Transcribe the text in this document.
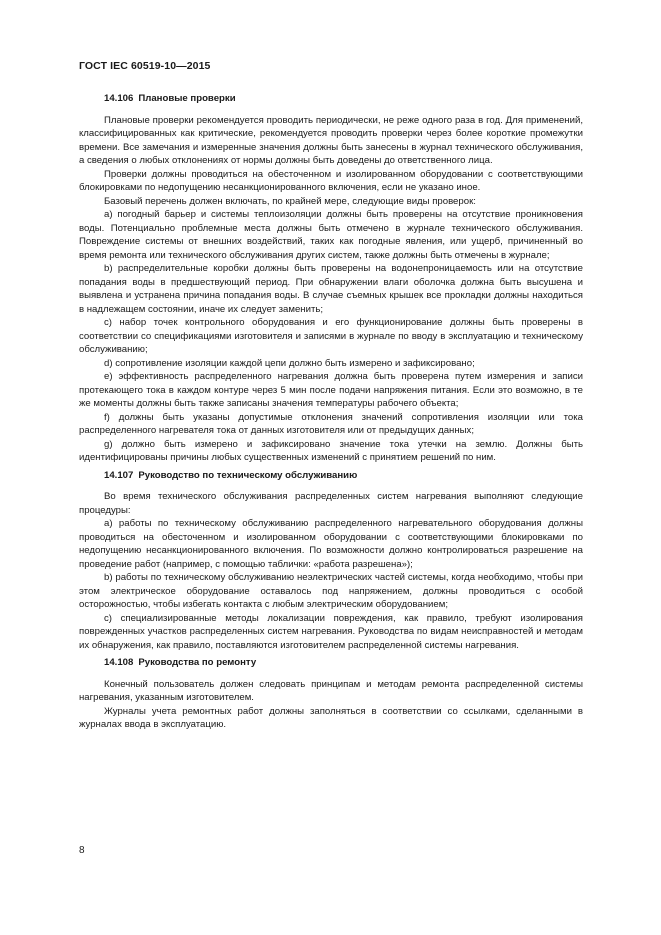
ГОСТ IEC 60519-10—2015
14.106 Плановые проверки

Плановые проверки рекомендуется проводить периодически, не реже одного раза в год. Для применений, классифицированных как критические, рекомендуется проводить проверки через более короткие промежутки времени. Все замечания и измеренные значения должны быть занесены в журнал технического обслуживания, а сведения о любых отклонениях от нормы должны быть доведены до ответственного лица.

Проверки должны проводиться на обесточенном и изолированном оборудовании с соответствующими блокировками по недопущению несанкционированного включения, если не указано иное.

Базовый перечень должен включать, по крайней мере, следующие виды проверок:

а) погодный барьер и системы теплоизоляции должны быть проверены на отсутствие проникновения воды. Потенциально проблемные места должны быть отмечено в журнале технического обслуживания. Повреждение системы от внешних воздействий, таких как погодные явления, или ущерб, причиненный во время ремонта или технического обслуживания других систем, также должны быть отмечены в журнале;

b) распределительные коробки должны быть проверены на водонепроницаемость или на отсутствие попадания воды в предшествующий период. При обнаружении влаги оболочка должна быть высушена и выявлена и устранена причина попадания воды. В случае съемных крышек все прокладки должны находиться в надлежащем состоянии, иначе их следует заменить;

с) набор точек контрольного оборудования и его функционирование должны быть проверены в соответствии со спецификациями изготовителя и записями в журнале по вводу в эксплуатацию и техническому обслуживанию;

d) сопротивление изоляции каждой цепи должно быть измерено и зафиксировано;

е) эффективность распределенного нагревания должна быть проверена путем измерения и записи протекающего тока в каждом контуре через 5 мин после подачи напряжения питания. Если это возможно, в те же моменты должны быть также записаны значения температуры рабочего объекта;

f) должны быть указаны допустимые отклонения значений сопротивления изоляции или тока распределенного нагревателя тока от данных изготовителя или от предыдущих данных;

g) должно быть измерено и зафиксировано значение тока утечки на землю. Должны быть идентифицированы причины любых существенных изменений с принятием решений по ним.

14.107 Руководство по техническому обслуживанию

Во время технического обслуживания распределенных систем нагревания выполняют следующие процедуры:

а) работы по техническому обслуживанию распределенного нагревательного оборудования должны проводиться на обесточенном и изолированном оборудовании с соответствующими блокировками по недопущению несанкционированного включения. По возможности должно контролироваться разрешение на проведение работ (например, с помощью таблички: «работа разрешена»);

b) работы по техническому обслуживанию неэлектрических частей системы, когда необходимо, чтобы при этом электрическое оборудование оставалось под напряжением, должны проводиться с особой осторожностью, чтобы избегать контакта с любым электрическим оборудованием;

с) специализированные методы локализации повреждения, как правило, требуют изолирования поврежденных участков распределенных систем нагревания. Руководства по видам неисправностей и методам их обнаружения, как правило, поставляются изготовителем распределенной системы нагревания.

14.108 Руководства по ремонту

Конечный пользователь должен следовать принципам и методам ремонта распределенной системы нагревания, указанным изготовителем.

Журналы учета ремонтных работ должны заполняться в соответствии со ссылками, сделанными в журналах ввода в эксплуатацию.

8
